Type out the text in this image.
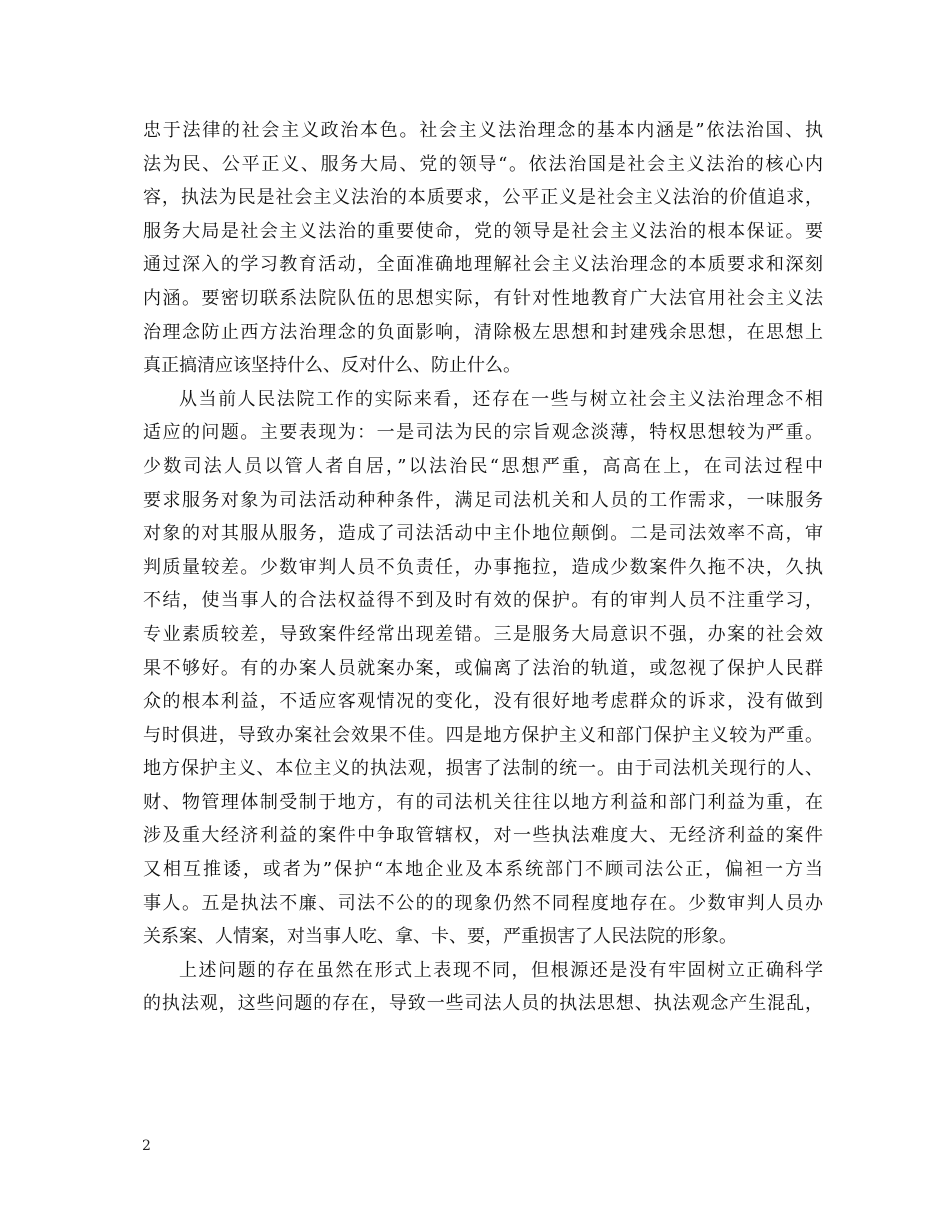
忠于法律的社会主义政治本色。社会主义法治理念的基本内涵是”依法治国、执
法为民、公平正义、服务大局、党的领导“。依法治国是社会主义法治的核心内
容，执法为民是社会主义法治的本质要求，公平正义是社会主义法治的价值追求，
服务大局是社会主义法治的重要使命，党的领导是社会主义法治的根本保证。要
通过深入的学习教育活动，全面准确地理解社会主义法治理念的本质要求和深刻
内涵。要密切联系法院队伍的思想实际，有针对性地教育广大法官用社会主义法
治理念防止西方法治理念的负面影响，清除极左思想和封建残余思想，在思想上
真正搞清应该坚持什么、反对什么、防止什么。
从当前人民法院工作的实际来看，还存在一些与树立社会主义法治理念不相
适应的问题。主要表现为：一是司法为民的宗旨观念淡薄，特权思想较为严重。
少数司法人员以管人者自居，”以法治民“思想严重，高高在上，在司法过程中
要求服务对象为司法活动种种条件，满足司法机关和人员的工作需求，一味服务
对象的对其服从服务，造成了司法活动中主仆地位颠倒。二是司法效率不高，审
判质量较差。少数审判人员不负责任，办事拖拉，造成少数案件久拖不决，久执
不结，使当事人的合法权益得不到及时有效的保护。有的审判人员不注重学习，
专业素质较差，导致案件经常出现差错。三是服务大局意识不强，办案的社会效
果不够好。有的办案人员就案办案，或偏离了法治的轨道，或忽视了保护人民群
众的根本利益，不适应客观情况的变化，没有很好地考虑群众的诉求，没有做到
与时俱进，导致办案社会效果不佳。四是地方保护主义和部门保护主义较为严重。
地方保护主义、本位主义的执法观，损害了法制的统一。由于司法机关现行的人、
财、物管理体制受制于地方，有的司法机关往往以地方利益和部门利益为重，在
涉及重大经济利益的案件中争取管辖权，对一些执法难度大、无经济利益的案件
又相互推诿，或者为”保护“本地企业及本系统部门不顾司法公正，偏袒一方当
事人。五是执法不廉、司法不公的的现象仍然不同程度地存在。少数审判人员办
关系案、人情案，对当事人吃、拿、卡、要，严重损害了人民法院的形象。
上述问题的存在虽然在形式上表现不同，但根源还是没有牢固树立正确科学
的执法观，这些问题的存在，导致一些司法人员的执法思想、执法观念产生混乱，
2
